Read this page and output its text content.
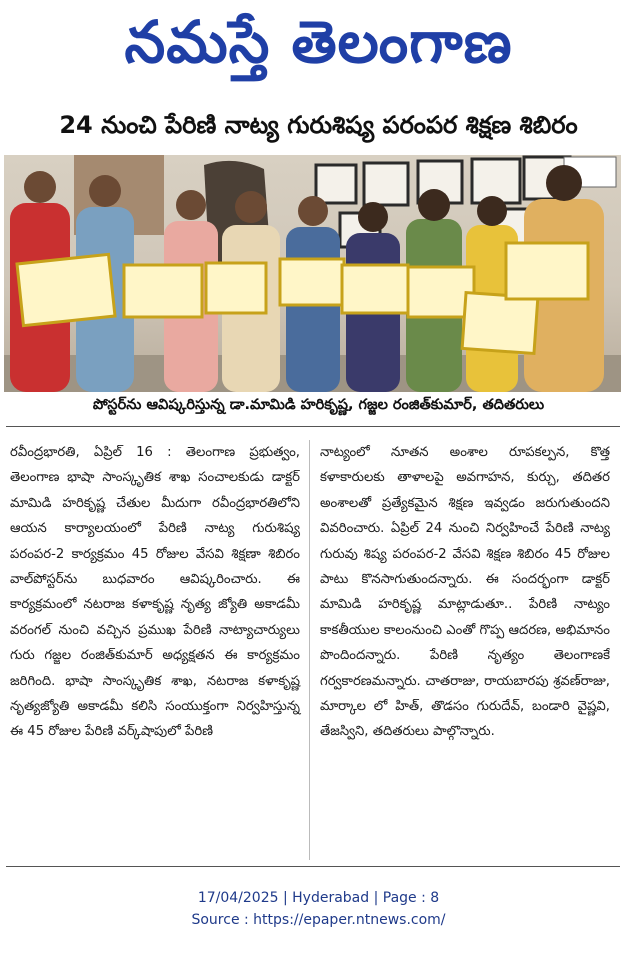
నమస్తే తెలంగాణ
24 నుంచి పేరిణి నాట్య గురుశిష్య పరంపర శిక్షణ శిబిరం
పోస్టర్‌ను ఆవిష్కరిస్తున్న డా.మామిడి హరికృష్ణ, గజ్జల రంజిత్‌కుమార్, తదితరులు

రవీంద్రభారతి, ఏప్రిల్ 16 : తెలంగాణ ప్రభుత్వం, తెలంగాణ భాషా సాంస్కృతిక శాఖ సంచాలకుడు డాక్టర్ మామిడి హరికృష్ణ చేతుల మీదుగా రవీంద్రభారతిలోని ఆయన కార్యాలయంలో పేరిణి నాట్య గురుశిష్య పరంపర-2 కార్యక్రమం 45 రోజుల వేసవి శిక్షణా శిబిరం వాల్‌పోస్టర్‌ను బుధవారం ఆవిష్కరించారు. ఈ కార్యక్రమంలో నటరాజ కళాకృష్ణ నృత్య జ్యోతి అకాడమీ వరంగల్ నుంచి వచ్చిన ప్రముఖ పేరిణి నాట్యాచార్యులు గురు గజ్జల రంజిత్‌కుమార్ అధ్యక్షతన ఈ కార్యక్రమం జరిగింది. భాషా సాంస్కృతిక శాఖ, నటరాజ కళాకృష్ణ నృత్యజ్యోతి అకాడమీ కలిసి సంయుక్తంగా నిర్వహిస్తున్న ఈ 45 రోజుల పేరిణి వర్క్‌షాపులో పేరిణి

నాట్యంలో నూతన అంశాల రూపకల్పన, కొత్త కళాకారులకు తాళాలపై అవగాహన, కుర్చు, తదితర అంశాలతో ప్రత్యేకమైన శిక్షణ ఇవ్వడం జరుగుతుందని వివరించారు. ఏప్రిల్ 24 నుంచి నిర్వహించే పేరిణి నాట్య గురువు శిష్య పరంపర-2 వేసవి శిక్షణ శిబిరం 45 రోజుల పాటు కొనసాగుతుందన్నారు. ఈ సందర్భంగా డాక్టర్ మామిడి హరికృష్ణ మాట్లాడుతూ.. పేరిణి నాట్యం కాకతీయుల కాలంనుంచి ఎంతో గొప్ప ఆదరణ, అభిమానం పొందిందన్నారు. పేరిణి నృత్యం తెలంగాణకే గర్వకారణమన్నారు. చాతరాజు, రాయబారపు శ్రవణ్‌రాజు, మార్కాల లో హిత్, తొడసం గురుదేవ్, బండారి వైష్ణవి, తేజస్విని, తదితరులు పాల్గొన్నారు.

17/04/2025 | Hyderabad | Page : 8
Source : https://epaper.ntnews.com/
